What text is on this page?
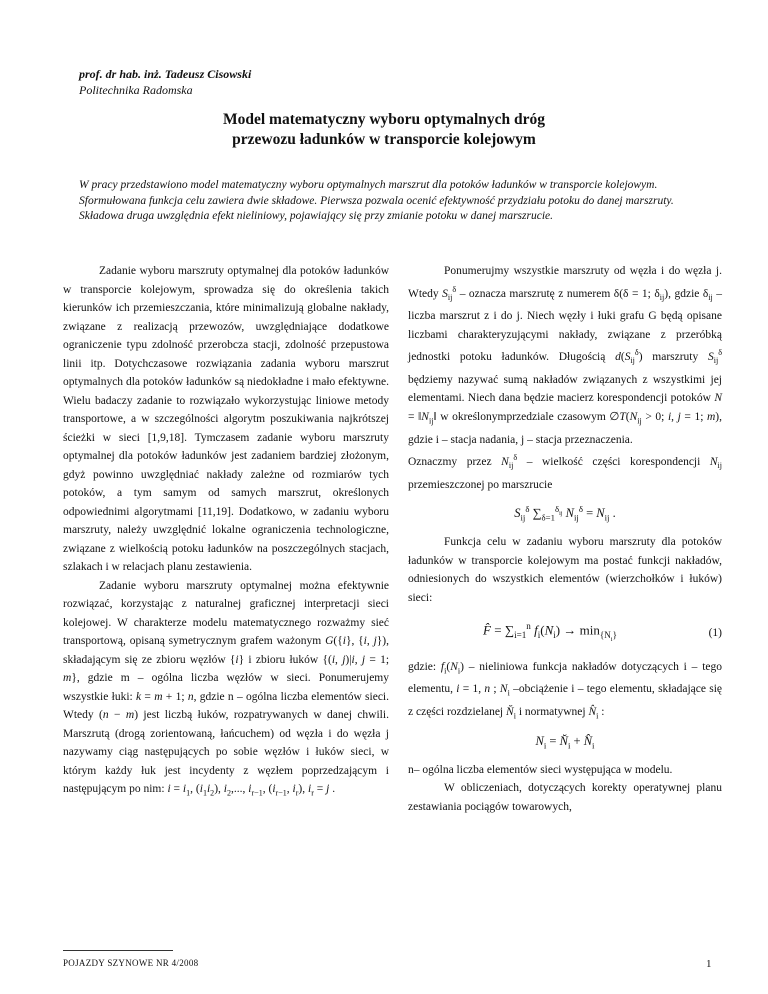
prof. dr hab. inż. Tadeusz Cisowski
Politechnika Radomska
Model matematyczny wyboru optymalnych dróg
przewozu ładunków w transporcie kolejowym
W pracy przedstawiono model matematyczny wyboru optymalnych marszrut dla potoków ładunków w transporcie kolejowym. Sformułowana funkcja celu zawiera dwie składowe. Pierwsza pozwala ocenić efektywność przydziału potoku do danej marszruty. Składowa druga uwzględnia efekt nieliniowy, pojawiający się przy zmianie potoku w danej marszrucie.

Zadanie wyboru marszruty optymalnej dla potoków ładunków w transporcie kolejowym, sprowadza się do określenia takich kierunków ich przemieszczania, które minimalizują globalne nakłady, związane z realizacją przewozów, uwzględniające dodatkowe ograniczenie typu zdolność przerobcza stacji, zdolność przepustowa linii itp. Dotychczasowe rozwiązania zadania wyboru marszrut optymalnych dla potoków ładunków są niedokładne i mało efektywne. Wielu badaczy zadanie to rozwiązało wykorzystując liniowe metody transportowe, a w szczególności algorytm poszukiwania najkrótszej ścieżki w sieci [1,9,18]. Tymczasem zadanie wyboru marszruty optymalnej dla potoków ładunków jest zadaniem bardziej złożonym, gdyż powinno uwzględniać nakłady zależne od rozmiarów tych potoków, a tym samym od samych marszrut, określonych odpowiednimi algorytmami [11,19]. Dodatkowo, w zadaniu wyboru marszruty, należy uwzględnić lokalne ograniczenia technologiczne, związane z wielkością potoku ładunków na poszczególnych stacjach, szlakach i w relacjach planu zestawienia.

Zadanie wyboru marszruty optymalnej można efektywnie rozwiązać, korzystając z naturalnej graficznej interpretacji sieci kolejowej. W charakterze modelu matematycznego rozważmy sieć transportową, opisaną symetrycznym grafem ważonym G({i}, {i, j}), składającym się ze zbioru węzłów {i} i zbioru łuków {(i, j)|i, j = 1; m}, gdzie m – ogólna liczba węzłów w sieci. Ponumerujemy wszystkie łuki: k = m + 1; n, gdzie n – ogólna liczba elementów sieci. Wtedy (n − m) jest liczbą łuków, rozpatrywanych w danej chwili. Marszrutą (drogą zorientowaną, łańcuchem) od węzła i do węzła j nazywamy ciąg następujących po sobie węzłów i łuków sieci, w którym każdy łuk jest incydenty z węzłem poprzedzającym i następującym po nim: $i = i_1$, $(i_1i_2)$, $i_2$,..., $i_{r-1}$, ($i_{r-1}$, $i_r$), $i_r = j$ .

Ponumerujmy wszystkie marszruty od węzła i do węzła j. Wtedy $S_{ij}^\delta$ – oznacza marszrutę z numerem δ(δ = 1; $\delta_{ij}$), gdzie $\delta_{ij}$ – liczba marszrut z i do j. Niech węzły i łuki grafu G będą opisane liczbami charakteryzującymi nakłady, związane z przeróbką jednostki potoku ładunków. Długością $d(S_{ij}^\delta)$ marszruty $S_{ij}^\delta$ będziemy nazywać sumą nakładów związanych z wszystkimi jej elementami. Niech dana będzie macierz korespondencji potoków $N = ‖N_{ij}‖$ w określonymprzedziale czasowym $\emptyset T(N_{ij} > 0$; i, j = 1; m), gdzie i – stacja nadania, j – stacja przeznaczenia.

Oznaczmy przez $N_{ij}^\delta$ – wielkość części korespondencji $N_{ij}$ przemieszczonej po marszrucie

$S_{ij}^\delta$ $\sum_{\delta=1}^{\delta_{ij}}$ $N_{ij}^\delta = N_{ij}$ .

Funkcja celu w zadaniu wyboru marszruty dla potoków ładunków w transporcie kolejowym ma postać funkcji nakładów, odniesionych do wszystkich elementów (wierzchołków i łuków) sieci:

F̂ = $\sum_{i=1}^n$ $f_i(N_i) \to \min_{\{N_i\}}$	(1)

gdzie: $f_i(N_i)$ – nieliniowa funkcja nakładów dotyczących i – tego elementu, i = 1, n ; $N_i$ –obciążenie i – tego elementu, składające się z części rozdzielanej $N̆_i$ i normatywnej $N̂_i$ :

$N_i$ = $N̆_i$ + $N̂_i$

n– ogólna liczba elementów sieci występująca w modelu.

W obliczeniach, dotyczących korekty operatywnej planu zestawiania pociągów towarowych,

POJAZDY SZYNOWE NR 4/2008	1
